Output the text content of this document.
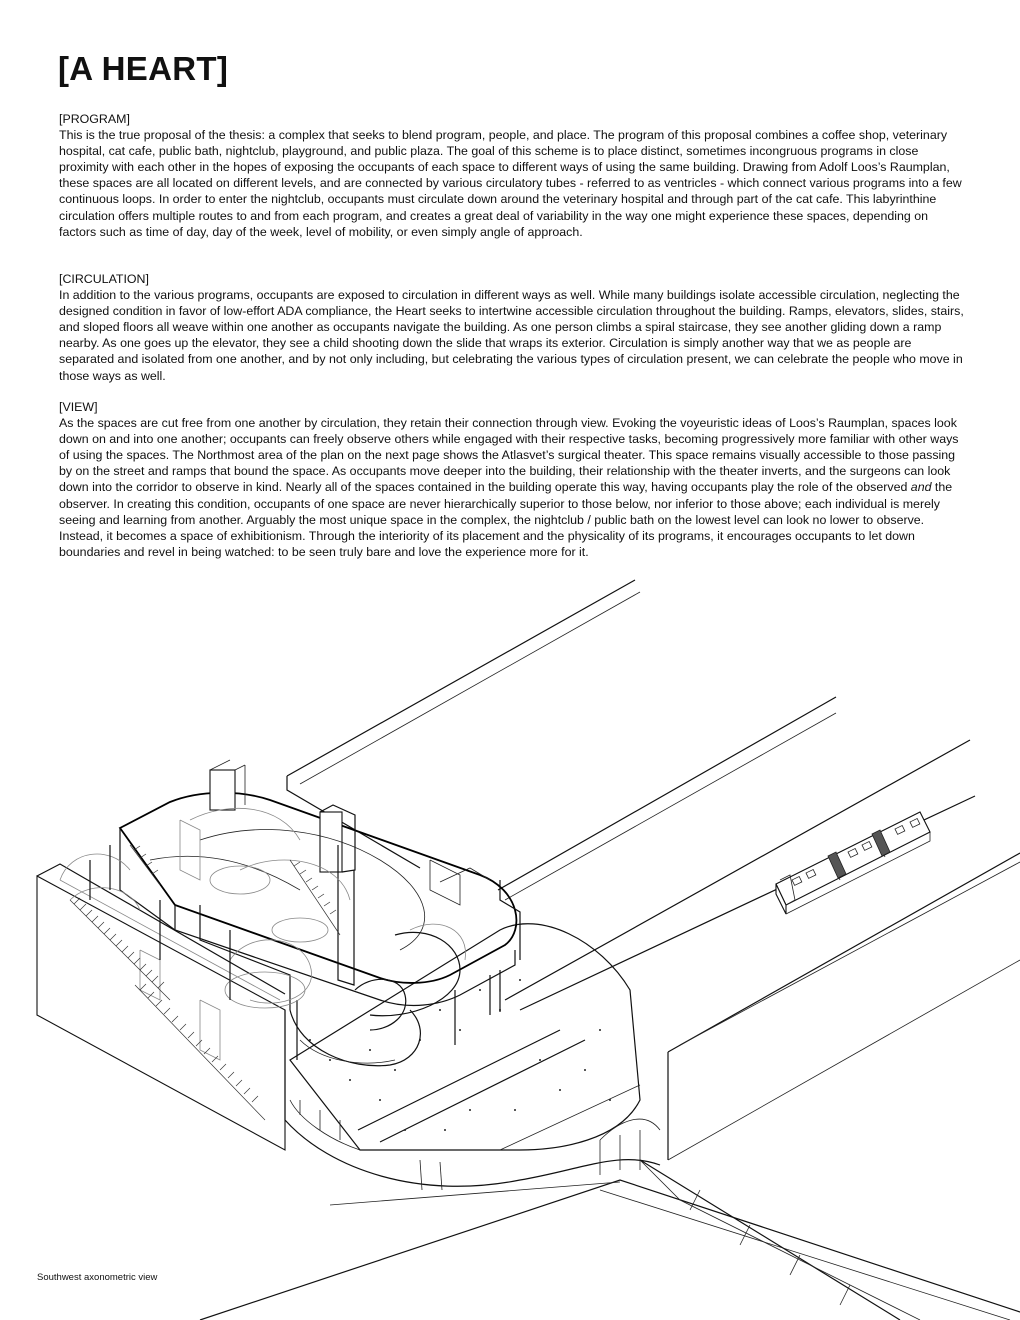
[A HEART]
[PROGRAM]

This is the true proposal of the thesis: a complex that seeks to blend program, people, and place. The program of this proposal combines a coffee shop, veterinary hospital, cat cafe, public bath, nightclub, playground, and public plaza. The goal of this scheme is to place distinct, sometimes incongruous programs in close proximity with each other in the hopes of exposing the occupants of each space to different ways of using the same building. Drawing from Adolf Loos’s Raumplan, these spaces are all located on different levels, and are connected by various circulatory tubes - referred to as ventricles - which connect various programs into a few continuous loops. In order to enter the nightclub, occupants must circulate down around the veterinary hospital and through part of the cat cafe. This labyrinthine circulation offers multiple routes to and from each program, and creates a great deal of variability in the way one might experience these spaces, depending on factors such as time of day, day of the week, level of mobility, or even simply angle of approach.

[CIRCULATION]

In addition to the various programs, occupants are exposed to circulation in different ways as well. While many buildings isolate accessible circulation, neglecting the designed condition in favor of low-effort ADA compliance, the Heart seeks to intertwine accessible circulation throughout the building. Ramps, elevators, slides, stairs, and sloped floors all weave within one another as occupants navigate the building. As one person climbs a spiral staircase, they see another gliding down a ramp nearby. As one goes up the elevator, they see a child shooting down the slide that wraps its exterior. Circulation is simply another way that we as people are separated and isolated from one another, and by not only including, but celebrating the various types of circulation present, we can celebrate the people who move in those ways as well.

[VIEW]

As the spaces are cut free from one another by circulation, they retain their connection through view. Evoking the voyeuristic ideas of Loos’s Raumplan, spaces look down on and into one another; occupants can freely observe others while engaged with their respective tasks, becoming progressively more familiar with other ways of using the spaces. The Northmost area of the plan on the next page shows the Atlasvet’s surgical theater. This space remains visually accessible to those passing by on the street and ramps that bound the space. As occupants move deeper into the building, their relationship with the theater inverts, and the surgeons can look down into the corridor to observe in kind. Nearly all of the spaces contained in the building operate this way, having occupants play the role of the observed and the observer. In creating this condition, occupants of one space are never hierarchically superior to those below, nor inferior to those above; each individual is merely seeing and learning from another. Arguably the most unique space in the complex, the nightclub / public bath on the lowest level can look no lower to observe. Instead, it becomes a space of exhibitionism. Through the interiority of its placement and the physicality of its programs, it encourages occupants to let down boundaries and revel in being watched: to be seen truly bare and love the experience more for it.

Southwest axonometric view
